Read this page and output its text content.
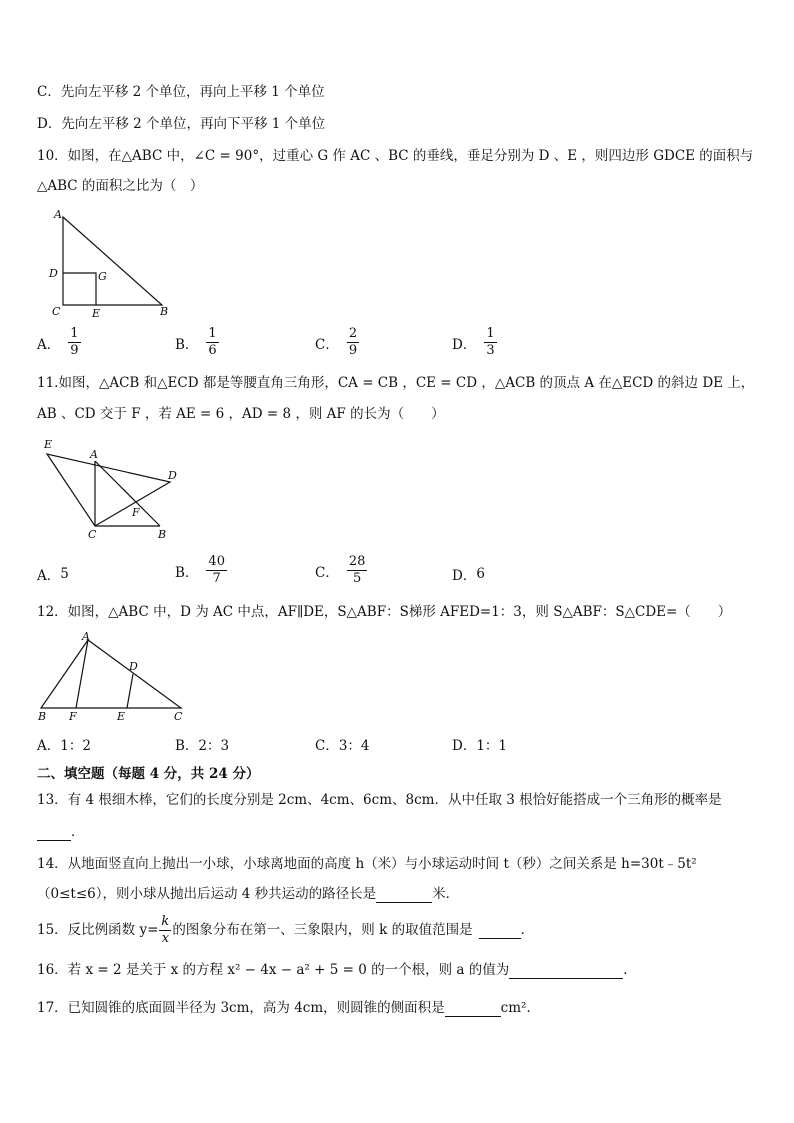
C．先向左平移 2 个单位，再向上平移 1 个单位
D．先向左平移 2 个单位，再向下平移 1 个单位
10．如图，在△ABC 中，∠C = 90°，过重心 G 作 AC 、BC 的垂线，垂足分别为 D 、E ，则四边形 GDCE 的面积与
△ABC 的面积之比为（　）
A
D	G
C	E	B
A． $\frac{1}{9}$	B． $\frac{1}{6}$	C． $\frac{2}{9}$	D． $\frac{1}{3}$
11.如图，△ACB 和△ECD 都是等腰直角三角形，CA = CB ，CE = CD ，△ACB 的顶点 A 在△ECD 的斜边 DE 上，
AB 、CD 交于 F ，若 AE = 6 ，AD = 8 ，则 AF 的长为（　　）
E
A
D
F
C	B
A． 5	B． $\frac{40}{7}$	C． $\frac{28}{5}$	D． 6
12．如图，△ABC 中，D 为 AC 中点，AF∥DE，S△ABF：S梯形 AFED=1：3，则 S△ABF：S△CDE=（　　）
A
D
B F	E	C
A．1：2	B．2：3	C．3：4	D．1：1
二、填空题（每题 4 分，共 24 分）
13．有 4 根细木棒，它们的长度分别是 2cm、4cm、6cm、8cm．从中任取 3 根恰好能搭成一个三角形的概率是
．
14．从地面竖直向上抛出一小球，小球离地面的高度 h（米）与小球运动时间 t（秒）之间关系是 h=30t﹣5t²
（0≤t≤6），则小球从抛出后运动 4 秒共运动的路径长是	米．
15．反比例函数 $y= \frac{k}{x}$ 的图象分布在第一、三象限内，则 k 的取值范围是	．
16．若 x = 2 是关于 x 的方程 x² − 4x − a² + 5 = 0 的一个根，则 a 的值为	．
17．已知圆锥的底面圆半径为 3cm，高为 4cm，则圆锥的侧面积是	cm²．
